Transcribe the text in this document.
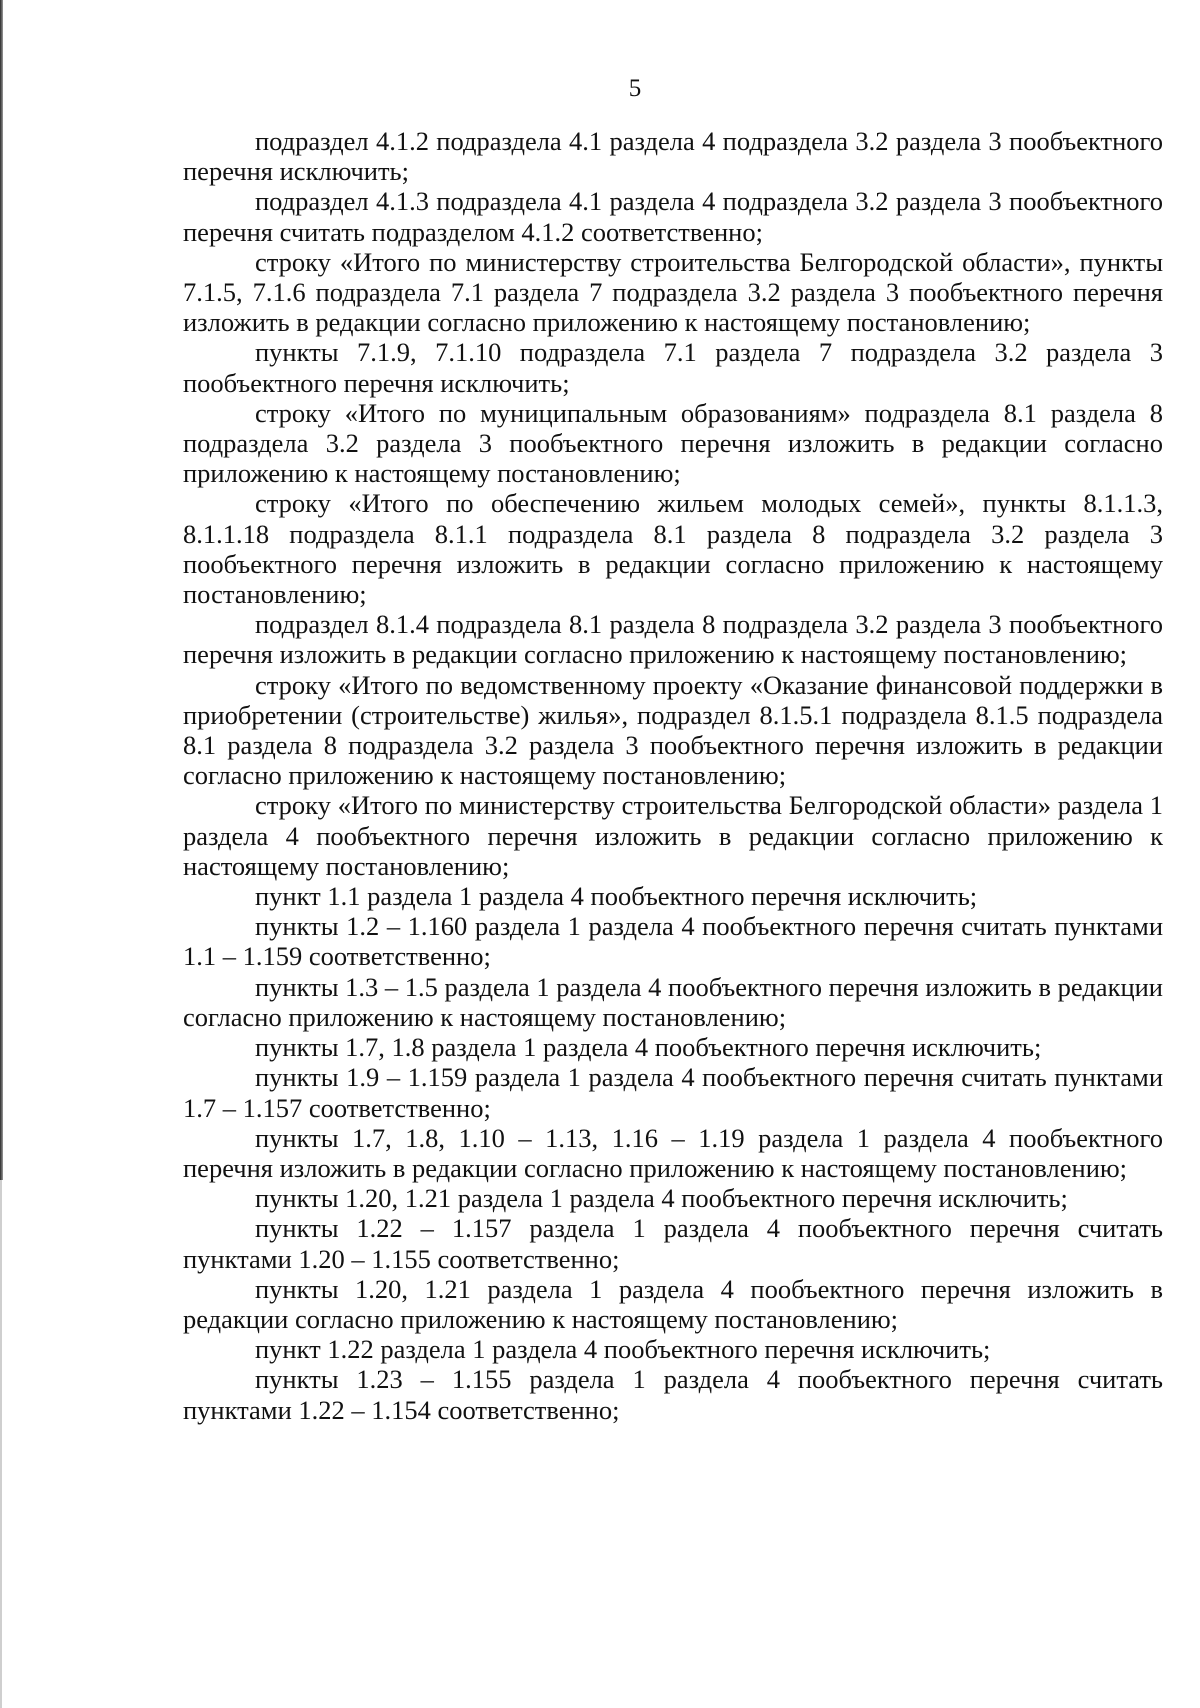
5

подраздел 4.1.2 подраздела 4.1 раздела 4 подраздела 3.2 раздела 3 пообъектного перечня исключить;

подраздел 4.1.3 подраздела 4.1 раздела 4 подраздела 3.2 раздела 3 пообъектного перечня считать подразделом 4.1.2 соответственно;

строку «Итого по министерству строительства Белгородской области», пункты 7.1.5, 7.1.6 подраздела 7.1 раздела 7 подраздела 3.2 раздела 3 пообъектного перечня изложить в редакции согласно приложению к настоящему постановлению;

пункты 7.1.9, 7.1.10 подраздела 7.1 раздела 7 подраздела 3.2 раздела 3 пообъектного перечня исключить;

строку «Итого по муниципальным образованиям» подраздела 8.1 раздела 8 подраздела 3.2 раздела 3 пообъектного перечня изложить в редакции согласно приложению к настоящему постановлению;

строку «Итого по обеспечению жильем молодых семей», пункты 8.1.1.3, 8.1.1.18 подраздела 8.1.1 подраздела 8.1 раздела 8 подраздела 3.2 раздела 3 пообъектного перечня изложить в редакции согласно приложению к настоящему постановлению;

подраздел 8.1.4 подраздела 8.1 раздела 8 подраздела 3.2 раздела 3 пообъектного перечня изложить в редакции согласно приложению к настоящему постановлению;

строку «Итого по ведомственному проекту «Оказание финансовой поддержки в приобретении (строительстве) жилья», подраздел 8.1.5.1 подраздела 8.1.5 подраздела 8.1 раздела 8 подраздела 3.2 раздела 3 пообъектного перечня изложить в редакции согласно приложению к настоящему постановлению;

строку «Итого по министерству строительства Белгородской области» раздела 1 раздела 4 пообъектного перечня изложить в редакции согласно приложению к настоящему постановлению;

пункт 1.1 раздела 1 раздела 4 пообъектного перечня исключить;

пункты 1.2 – 1.160 раздела 1 раздела 4 пообъектного перечня считать пунктами 1.1 – 1.159 соответственно;

пункты 1.3 – 1.5 раздела 1 раздела 4 пообъектного перечня изложить в редакции согласно приложению к настоящему постановлению;

пункты 1.7, 1.8 раздела 1 раздела 4 пообъектного перечня исключить;

пункты 1.9 – 1.159 раздела 1 раздела 4 пообъектного перечня считать пунктами 1.7 – 1.157 соответственно;

пункты 1.7, 1.8, 1.10 – 1.13, 1.16 – 1.19 раздела 1 раздела 4 пообъектного перечня изложить в редакции согласно приложению к настоящему постановлению;

пункты 1.20, 1.21 раздела 1 раздела 4 пообъектного перечня исключить;

пункты 1.22 – 1.157 раздела 1 раздела 4 пообъектного перечня считать пунктами 1.20 – 1.155 соответственно;

пункты 1.20, 1.21 раздела 1 раздела 4 пообъектного перечня изложить в редакции согласно приложению к настоящему постановлению;

пункт 1.22 раздела 1 раздела 4 пообъектного перечня исключить;

пункты 1.23 – 1.155 раздела 1 раздела 4 пообъектного перечня считать пунктами 1.22 – 1.154 соответственно;
